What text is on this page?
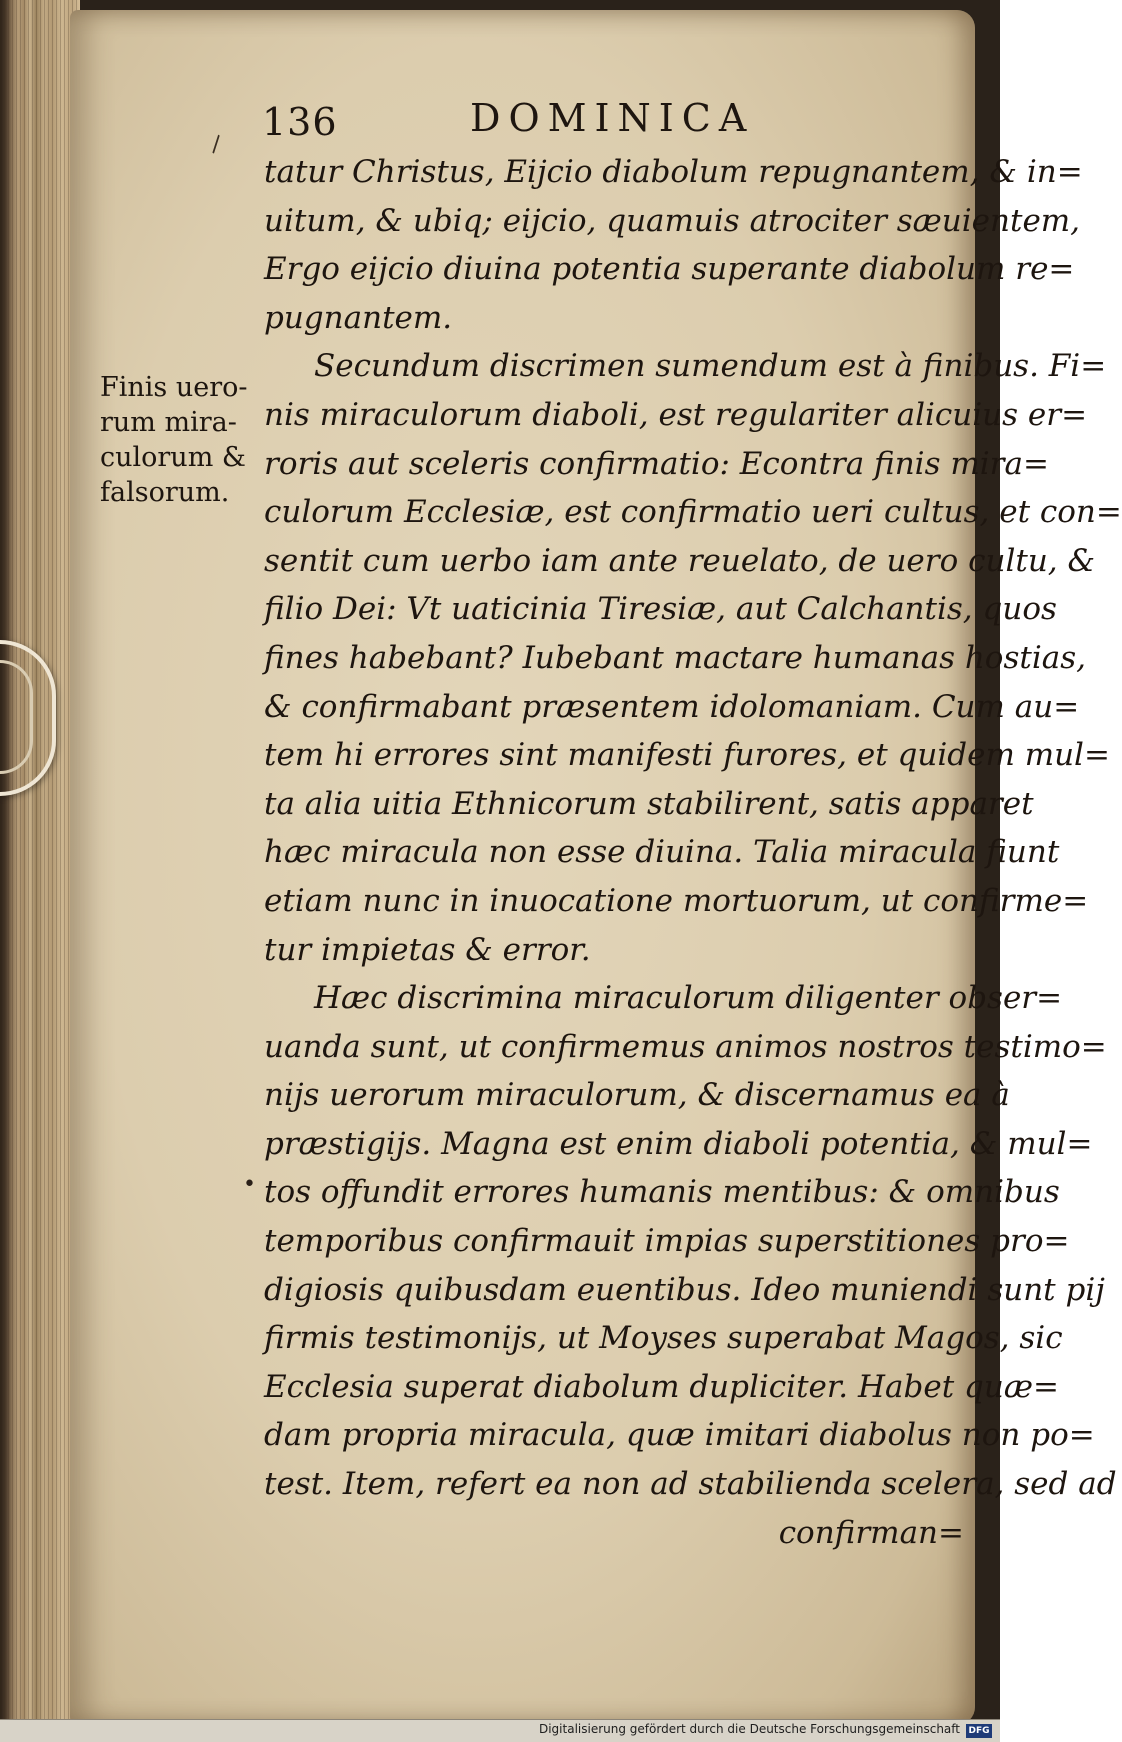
\
136	DOMINICA
Finis uero-
rum mira-
culorum &
falsorum.
•
tatur Christus, Eijcio diabolum repugnantem, & in=
uitum, & ubiq; eijcio, quamuis atrociter sæuientem,
Ergo eijcio diuina potentia superante diabolum re=
pugnantem.
Secundum discrimen sumendum est à finibus. Fi=
nis miraculorum diaboli, est regulariter alicuius er=
roris aut sceleris confirmatio: Econtra finis mira=
culorum Ecclesiæ, est confirmatio ueri cultus, et con=
sentit cum uerbo iam ante reuelato, de uero cultu, &
filio Dei: Vt uaticinia Tiresiæ, aut Calchantis, quos
fines habebant? Iubebant mactare humanas hostias,
& confirmabant præsentem idolomaniam. Cum au=
tem hi errores sint manifesti furores, et quidem mul=
ta alia uitia Ethnicorum stabilirent, satis apparet
hæc miracula non esse diuina. Talia miracula fiunt
etiam nunc in inuocatione mortuorum, ut confirme=
tur impietas & error.
Hæc discrimina miraculorum diligenter obser=
uanda sunt, ut confirmemus animos nostros testimo=
nijs uerorum miraculorum, & discernamus ea à
præstigijs. Magna est enim diaboli potentia, & mul=
tos offundit errores humanis mentibus: & omnibus
temporibus confirmauit impias superstitiones pro=
digiosis quibusdam euentibus. Ideo muniendi sunt pij
firmis testimonijs, ut Moyses superabat Magos, sic
Ecclesia superat diabolum dupliciter. Habet quæ=
dam propria miracula, quæ imitari diabolus non po=
test. Item, refert ea non ad stabilienda scelera, sed ad
confirman=
Digitalisierung gefördert durch die Deutsche Forschungsgemeinschaft DFG
